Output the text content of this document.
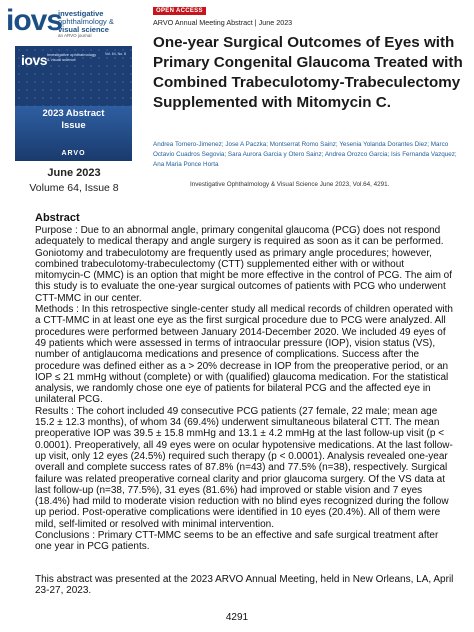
iovs
investigative
ophthalmology &
visual science
an ARVO journal
iovs investigative ophthalmology & visual science
Vol. 64, No. 8
2023 Abstract
Issue
ARVO
June 2023
Volume 64, Issue 8
OPEN ACCESS
ARVO Annual Meeting Abstract | June 2023
One-year Surgical Outcomes of Eyes with Primary Congenital Glaucoma Treated with Combined Trabeculotomy-Trabeculectomy Supplemented with Mitomycin C.
Andrea Tornero-Jimenez; Jose A Paczka; Montserrat Romo Sainz; Yesenia Yolanda Dorantes Diez; Marco Octavio Cuadros Segovia; Sara Aurora Garcia y Otero Sainz; Andrea Orozco Garcia; Isis Fernanda Vazquez; Ana Maria Ponce Horta
Investigative Ophthalmology & Visual Science June 2023, Vol.64, 4291.
Abstract

Purpose : Due to an abnormal angle, primary congenital glaucoma (PCG) does not respond adequately to medical therapy and angle surgery is required as soon as it can be performed. Goniotomy and trabeculotomy are frequently used as primary angle procedures; however, combined trabeculotomy-trabeculectomy (CTT) supplemented either with or without mitomycin-C (MMC) is an option that might be more effective in the control of PCG. The aim of this study is to evaluate the one-year surgical outcomes of patients with PCG who underwent CTT-MMC in our center.

Methods : In this retrospective single-center study all medical records of children operated with a CTT-MMC in at least one eye as the first surgical procedure due to PCG were analyzed. All procedures were performed between January 2014-December 2020. We included 49 eyes of 49 patients which were assessed in terms of intraocular pressure (IOP), vision status (VS), number of antiglaucoma medications and presence of complications. Success after the procedure was defined either as a > 20% decrease in IOP from the preoperative period, or an IOP ≤ 21 mmHg without (complete) or with (qualified) glaucoma medication. For the statistical analysis, we randomly chose one eye of patients for bilateral PCG and the affected eye in unilateral PCG.

Results : The cohort included 49 consecutive PCG patients (27 female, 22 male; mean age 15.2 ± 12.3 months), of whom 34 (69.4%) underwent simultaneous bilateral CTT. The mean preoperative IOP was 39.5 ± 15.8 mmHg and 13.1 ± 4.2 mmHg at the last follow-up visit (p < 0.0001). Preoperatively, all 49 eyes were on ocular hypotensive medications. At the last follow-up visit, only 12 eyes (24.5%) required such therapy (p < 0.0001). Analysis revealed one-year overall and complete success rates of 87.8% (n=43) and 77.5% (n=38), respectively. Surgical failure was related preoperative corneal clarity and prior glaucoma surgery. Of the VS data at last follow-up (n=38, 77.5%), 31 eyes (81.6%) had improved or stable vision and 7 eyes (18.4%) had mild to moderate vision reduction with no blind eyes recognized during the follow up period. Post-operative complications were identified in 10 eyes (20.4%). All of them were mild, self-limited or resolved with minimal intervention.

Conclusions : Primary CTT-MMC seems to be an effective and safe surgical treatment after one year in PCG patients.

This abstract was presented at the 2023 ARVO Annual Meeting, held in New Orleans, LA, April 23-27, 2023.

4291
